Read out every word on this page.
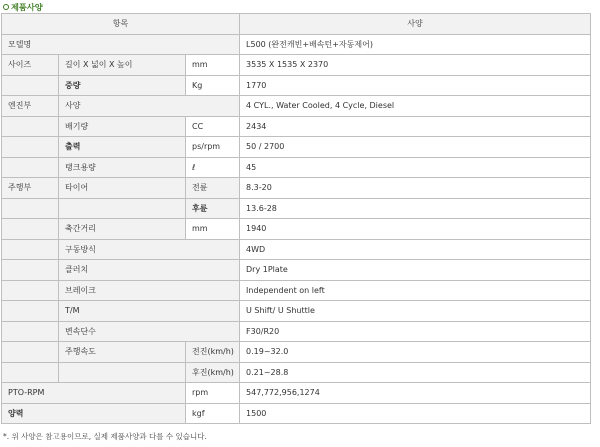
제품사양
항목			사양
모델명			L500 (완전캐빈+배속턴+자동제어)
사이즈	길이 X 넓이 X 높이	mm	3535 X 1535 X 2370
	중량	Kg	1770
엔진부	사양		4 CYL., Water Cooled, 4 Cycle, Diesel
	배기량	CC	2434
	출력	ps/rpm	50 / 2700
	탱크용량	ℓ	45
주행부	타이어	전륜	8.3-20
		후륜	13.6-28
	축간거리	mm	1940
	구동방식		4WD
	클러치		Dry 1Plate
	브레이크		Independent on left
	T/M		U Shift/ U Shuttle
	변속단수		F30/R20
	주행속도	전진(km/h)	0.19~32.0
		후진(km/h)	0.21~28.8
PTO-RPM		rpm	547,772,956,1274
양력		kgf	1500
*. 위 사양은 참고용이므로, 실제 제품사양과 다를 수 있습니다.
